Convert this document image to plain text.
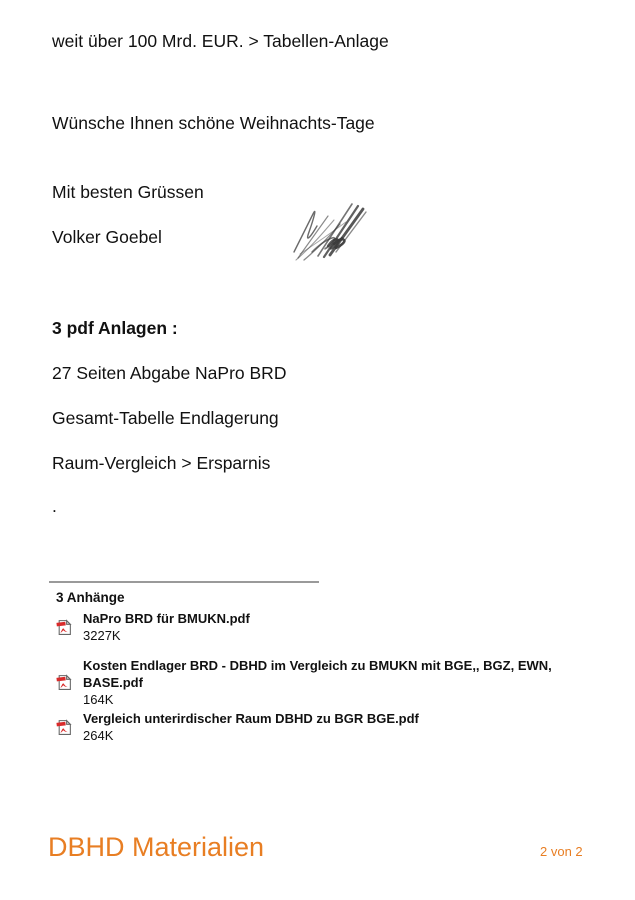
weit über 100 Mrd. EUR. > Tabellen-Anlage
Wünsche Ihnen schöne Weihnachts-Tage
Mit besten Grüssen
Volker Goebel
3 pdf Anlagen :
27 Seiten Abgabe NaPro BRD
Gesamt-Tabelle Endlagerung
Raum-Vergleich > Ersparnis
.
3 Anhänge
NaPro BRD für BMUKN.pdf
3227K
Kosten Endlager BRD - DBHD im Vergleich zu BMUKN mit BGE,, BGZ, EWN, BASE.pdf
164K
Vergleich unterirdischer Raum DBHD zu BGR BGE.pdf
264K
DBHD Materialien	2 von 2
